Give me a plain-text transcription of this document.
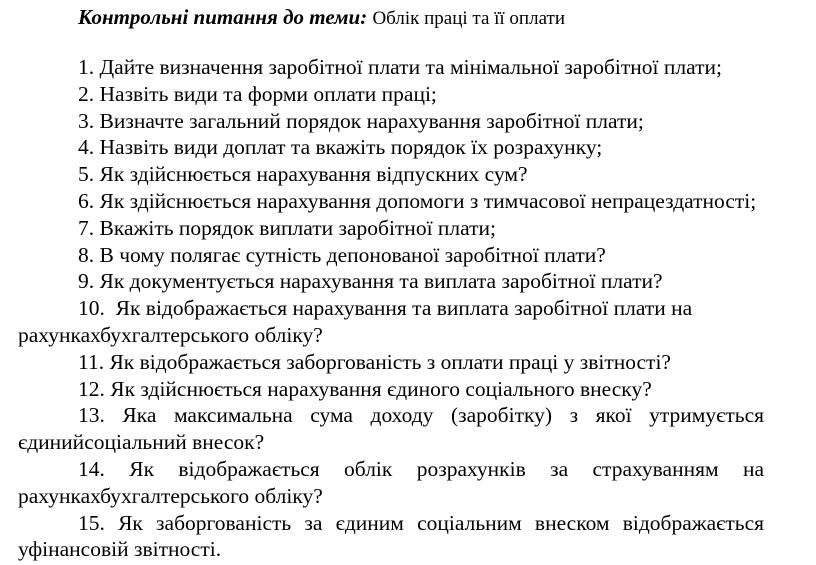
Контрольні питання до теми: Облік праці та її оплати
1. Дайте визначення заробітної плати та мінімальної заробітної плати;
2. Назвіть види та форми оплати праці;
3. Визначте загальний порядок нарахування заробітної плати;
4. Назвіть види доплат та вкажіть порядок їх розрахунку;
5. Як здійснюється нарахування відпускних сум?
6. Як здійснюється нарахування допомоги з тимчасової непрацездатності;
7. Вкажіть порядок виплати заробітної плати;
8. В чому полягає сутність депонованої заробітної плати?
9. Як документується нарахування та виплата заробітної плати?
10. Як відображається нарахування та виплата заробітної плати на
рахункахбухгалтерського обліку?
11. Як відображається заборгованість з оплати праці у звітності?
12. Як здійснюється нарахування єдиного соціального внеску?
13. Яка максимальна сума доходу (заробітку) з якої утримується
єдинийсоціальний внесок?
14. Як відображається облік розрахунків за страхуванням на
рахункахбухгалтерського обліку?
15. Як заборгованість за єдиним соціальним внеском відображається
уфінансовій звітності.
